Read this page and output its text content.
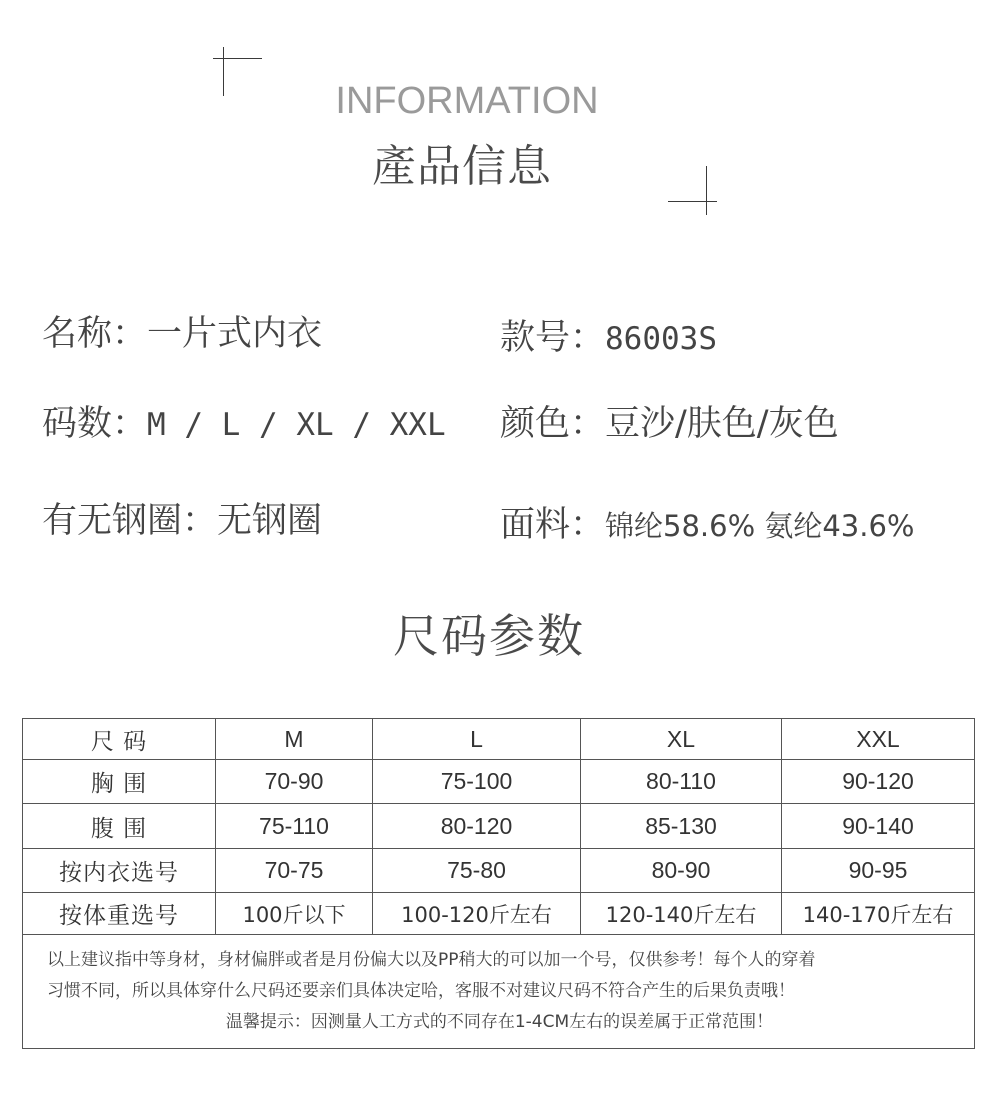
INFORMATION
產品信息
名称：一片式内衣	款号：86003S
码数：M / L / XL / XXL 颜色：豆沙/肤色/灰色
有无钢圈：无钢圈	面料：锦纶58.6% 氨纶43.6%
尺码参数
尺 码	M	L	XL	XXL
胸 围	70-90	75-100	80-110	90-120
腹 围	75-110	80-120	85-130	90-140
按内衣选号	70-75	75-80	80-90	90-95
按体重选号	100斤以下	100-120斤左右	120-140斤左右	140-170斤左右

以上建议指中等身材，身材偏胖或者是月份偏大以及PP稍大的可以加一个号，仅供参考！每个人的穿着
习惯不同，所以具体穿什么尺码还要亲们具体决定哈，客服不对建议尺码不符合产生的后果负责哦！
温馨提示：因测量人工方式的不同存在1-4CM左右的误差属于正常范围！				
